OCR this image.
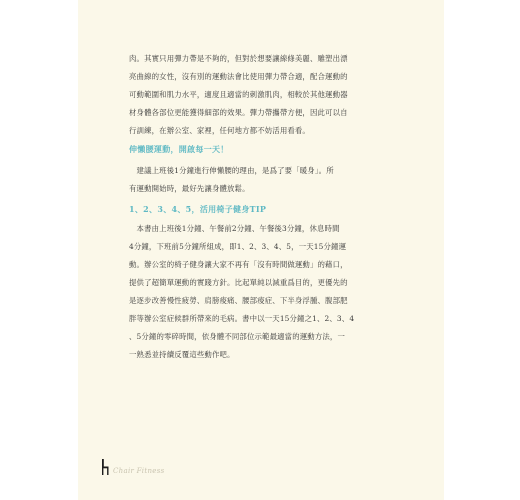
肉。其實只用彈力帶是不夠的，但對於想要讓線條美麗、雕塑出漂
亮曲線的女性，沒有別的運動法會比使用彈力帶合適，配合運動的
可動範圍和肌力水平，適度且適當的刺激肌肉，相較於其他運動器
材身體各部位更能獲得細部的效果。彈力帶攜帶方便，因此可以自
行訓練，在辦公室、家裡，任何地方都不妨活用看看。
伸懶腰運動，開啟每一天！
　建議上班後1分鐘進行伸懶腰的理由，是爲了要「暖身」。所
有運動開始時，最好先讓身體放鬆。
1、2、3、4、5，活用椅子健身TIP
　本書由上班後1分鐘、午餐前2分鐘、午餐後3分鐘，休息時間
4分鐘，下班前5分鐘所組成，即1、2、3、4、5，一天15分鐘運
動。辦公室的椅子健身讓大家不再有「沒有時間做運動」的藉口，
提供了超簡單運動的實踐方針。比起單純以減重爲目的，更優先的
是逐步改善慢性疲勞、肩膀痠痛、腰部痠症、下半身浮腫、腹部肥
胖等辦公室症候群所帶來的毛病。書中以一天15分鐘之1、2、3、4
、5分鐘的零碎時間，依身體不同部位示範最適當的運動方法，一
一熟悉並持續反覆這些動作吧。
Chair Fitness
